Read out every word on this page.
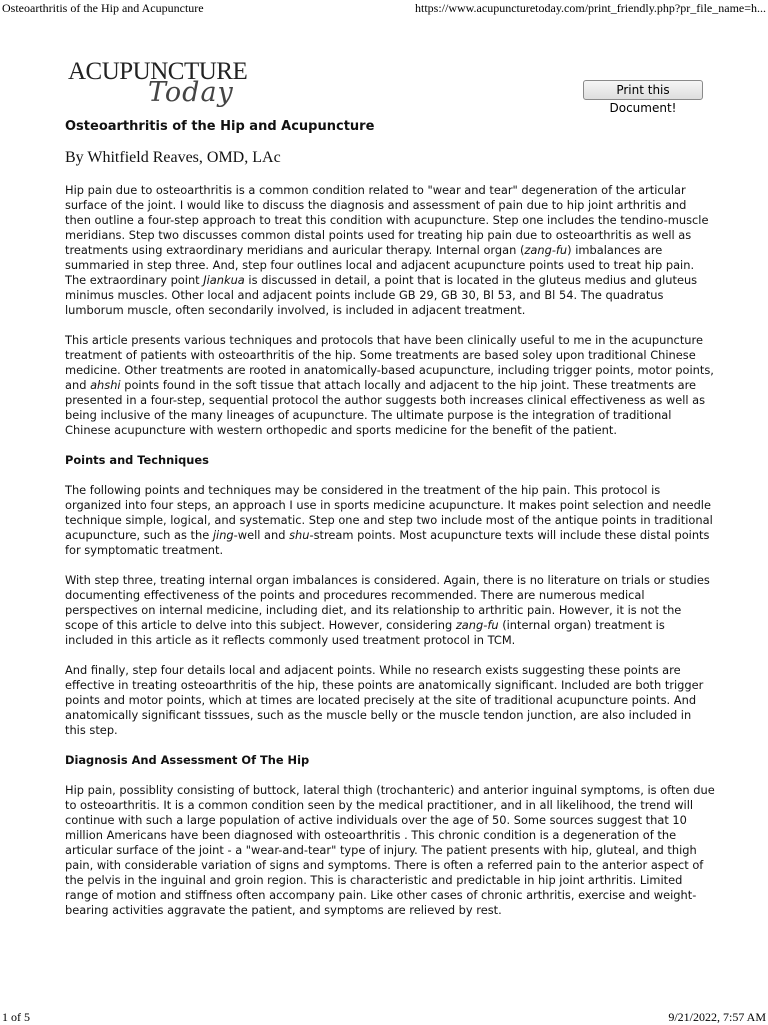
Osteoarthritis of the Hip and Acupuncture	https://www.acupuncturetoday.com/print_friendly.php?pr_file_name=h...
ACUPUNCTURE
Today	Print this Document!
Osteoarthritis of the Hip and Acupuncture
By Whitfield Reaves, OMD, LAc

Hip pain due to osteoarthritis is a common condition related to "wear and tear" degeneration of the articular surface of the joint. I would like to discuss the diagnosis and assessment of pain due to hip joint arthritis and then outline a four-step approach to treat this condition with acupuncture. Step one includes the tendino-muscle meridians. Step two discusses common distal points used for treating hip pain due to osteoarthritis as well as treatments using extraordinary meridians and auricular therapy. Internal organ (zang-fu) imbalances are summaried in step three. And, step four outlines local and adjacent acupuncture points used to treat hip pain. The extraordinary point Jiankua is discussed in detail, a point that is located in the gluteus medius and gluteus minimus muscles. Other local and adjacent points include GB 29, GB 30, Bl 53, and Bl 54. The quadratus lumborum muscle, often secondarily involved, is included in adjacent treatment.

This article presents various techniques and protocols that have been clinically useful to me in the acupuncture treatment of patients with osteoarthritis of the hip. Some treatments are based soley upon traditional Chinese medicine. Other treatments are rooted in anatomically-based acupuncture, including trigger points, motor points, and ahshi points found in the soft tissue that attach locally and adjacent to the hip joint. These treatments are presented in a four-step, sequential protocol the author suggests both increases clinical effectiveness as well as being inclusive of the many lineages of acupuncture. The ultimate purpose is the integration of traditional Chinese acupuncture with western orthopedic and sports medicine for the benefit of the patient.

Points and Techniques

The following points and techniques may be considered in the treatment of the hip pain. This protocol is organized into four steps, an approach I use in sports medicine acupuncture. It makes point selection and needle technique simple, logical, and systematic. Step one and step two include most of the antique points in traditional acupuncture, such as the jing-well and shu-stream points. Most acupuncture texts will include these distal points for symptomatic treatment.

With step three, treating internal organ imbalances is considered. Again, there is no literature on trials or studies documenting effectiveness of the points and procedures recommended. There are numerous medical perspectives on internal medicine, including diet, and its relationship to arthritic pain. However, it is not the scope of this article to delve into this subject. However, considering zang-fu (internal organ) treatment is included in this article as it reflects commonly used treatment protocol in TCM.

And finally, step four details local and adjacent points. While no research exists suggesting these points are effective in treating osteoarthritis of the hip, these points are anatomically significant. Included are both trigger points and motor points, which at times are located precisely at the site of traditional acupuncture points. And anatomically significant tisssues, such as the muscle belly or the muscle tendon junction, are also included in this step.

Diagnosis And Assessment Of The Hip

Hip pain, possiblity consisting of buttock, lateral thigh (trochanteric) and anterior inguinal symptoms, is often due to osteoarthritis. It is a common condition seen by the medical practitioner, and in all likelihood, the trend will continue with such a large population of active individuals over the age of 50. Some sources suggest that 10 million Americans have been diagnosed with osteoarthritis . This chronic condition is a degeneration of the articular surface of the joint - a "wear-and-tear" type of injury. The patient presents with hip, gluteal, and thigh pain, with considerable variation of signs and symptoms. There is often a referred pain to the anterior aspect of the pelvis in the inguinal and groin region. This is characteristic and predictable in hip joint arthritis. Limited range of motion and stiffness often accompany pain. Like other cases of chronic arthritis, exercise and weight-bearing activities aggravate the patient, and symptoms are relieved by rest.

1 of 5	9/21/2022, 7:57 AM
